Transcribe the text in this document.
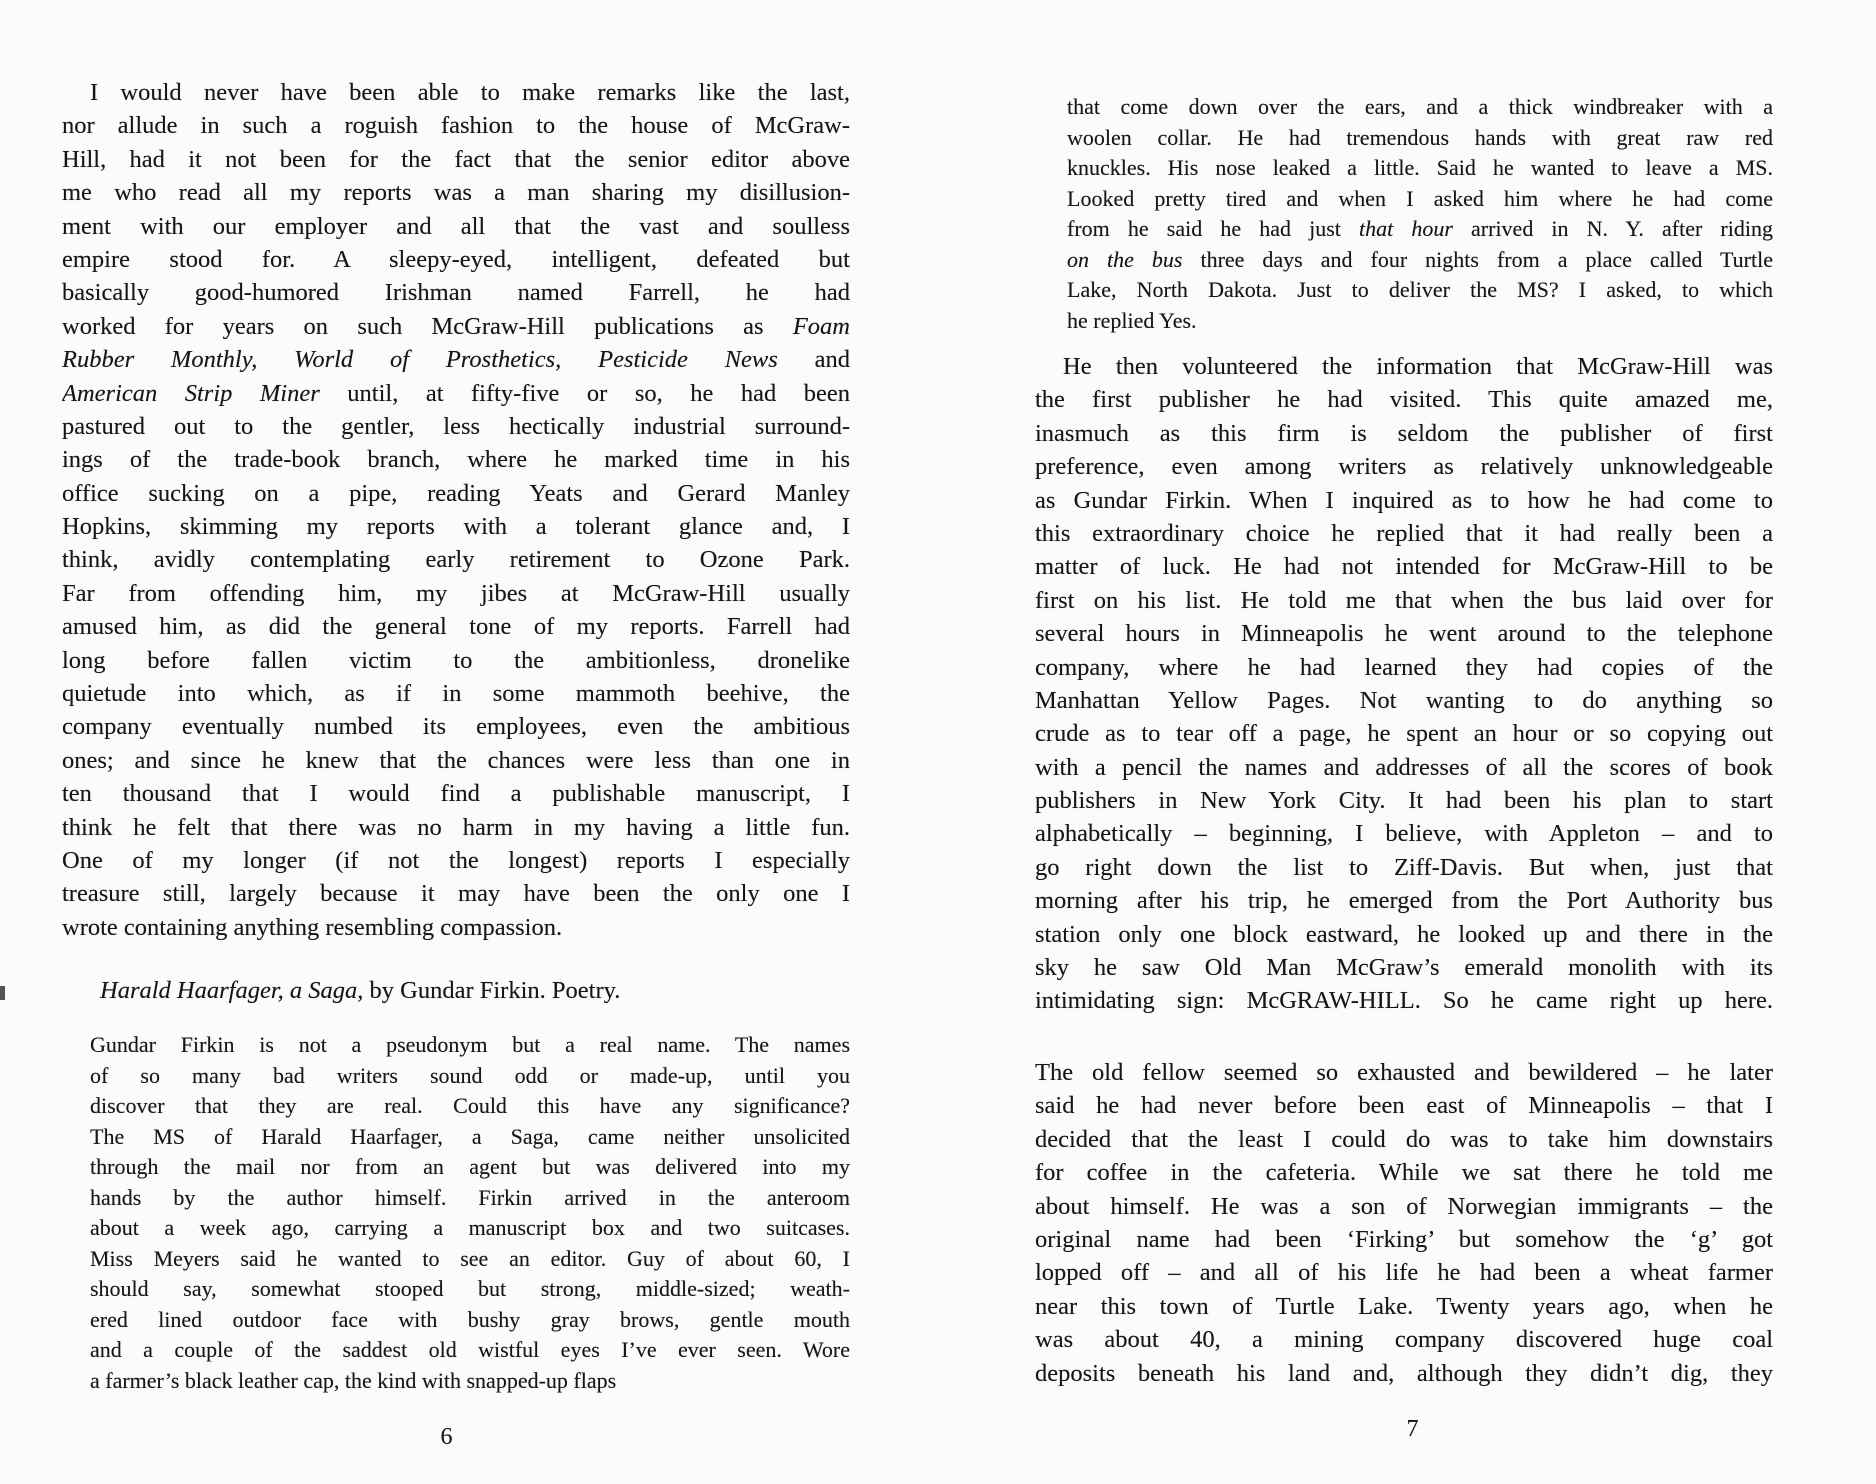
I would never have been able to make remarks like the last,
nor allude in such a roguish fashion to the house of McGraw-
Hill, had it not been for the fact that the senior editor above
me who read all my reports was a man sharing my disillusion-
ment with our employer and all that the vast and soulless
empire stood for. A sleepy-eyed, intelligent, defeated but
basically good-humored Irishman named Farrell, he had
worked for years on such McGraw-Hill publications as Foam
Rubber Monthly, World of Prosthetics, Pesticide News and
American Strip Miner until, at fifty-five or so, he had been
pastured out to the gentler, less hectically industrial surround-
ings of the trade-book branch, where he marked time in his
office sucking on a pipe, reading Yeats and Gerard Manley
Hopkins, skimming my reports with a tolerant glance and, I
think, avidly contemplating early retirement to Ozone Park.
Far from offending him, my jibes at McGraw-Hill usually
amused him, as did the general tone of my reports. Farrell had
long before fallen victim to the ambitionless, dronelike
quietude into which, as if in some mammoth beehive, the
company eventually numbed its employees, even the ambitious
ones; and since he knew that the chances were less than one in
ten thousand that I would find a publishable manuscript, I
think he felt that there was no harm in my having a little fun.
One of my longer (if not the longest) reports I especially
treasure still, largely because it may have been the only one I
wrote containing anything resembling compassion.
Harald Haarfager, a Saga, by Gundar Firkin. Poetry.
Gundar Firkin is not a pseudonym but a real name. The names
of so many bad writers sound odd or made-up, until you
discover that they are real. Could this have any significance?
The MS of Harald Haarfager, a Saga, came neither unsolicited
through the mail nor from an agent but was delivered into my
hands by the author himself. Firkin arrived in the anteroom
about a week ago, carrying a manuscript box and two suitcases.
Miss Meyers said he wanted to see an editor. Guy of about 60, I
should say, somewhat stooped but strong, middle-sized; weath-
ered lined outdoor face with bushy gray brows, gentle mouth
and a couple of the saddest old wistful eyes I’ve ever seen. Wore
a farmer’s black leather cap, the kind with snapped-up flaps
6
that come down over the ears, and a thick windbreaker with a
woolen collar. He had tremendous hands with great raw red
knuckles. His nose leaked a little. Said he wanted to leave a MS.
Looked pretty tired and when I asked him where he had come
from he said he had just that hour arrived in N. Y. after riding
on the bus three days and four nights from a place called Turtle
Lake, North Dakota. Just to deliver the MS? I asked, to which
he replied Yes.
He then volunteered the information that McGraw-Hill was
the first publisher he had visited. This quite amazed me,
inasmuch as this firm is seldom the publisher of first
preference, even among writers as relatively unknowledgeable
as Gundar Firkin. When I inquired as to how he had come to
this extraordinary choice he replied that it had really been a
matter of luck. He had not intended for McGraw-Hill to be
first on his list. He told me that when the bus laid over for
several hours in Minneapolis he went around to the telephone
company, where he had learned they had copies of the
Manhattan Yellow Pages. Not wanting to do anything so
crude as to tear off a page, he spent an hour or so copying out
with a pencil the names and addresses of all the scores of book
publishers in New York City. It had been his plan to start
alphabetically – beginning, I believe, with Appleton – and to
go right down the list to Ziff-Davis. But when, just that
morning after his trip, he emerged from the Port Authority bus
station only one block eastward, he looked up and there in the
sky he saw Old Man McGraw’s emerald monolith with its
intimidating sign: McGRAW-HILL. So he came right up here.
The old fellow seemed so exhausted and bewildered – he later
said he had never before been east of Minneapolis – that I
decided that the least I could do was to take him downstairs
for coffee in the cafeteria. While we sat there he told me
about himself. He was a son of Norwegian immigrants – the
original name had been ‘Firking’ but somehow the ‘g’ got
lopped off – and all of his life he had been a wheat farmer
near this town of Turtle Lake. Twenty years ago, when he
was about 40, a mining company discovered huge coal
deposits beneath his land and, although they didn’t dig, they
7
